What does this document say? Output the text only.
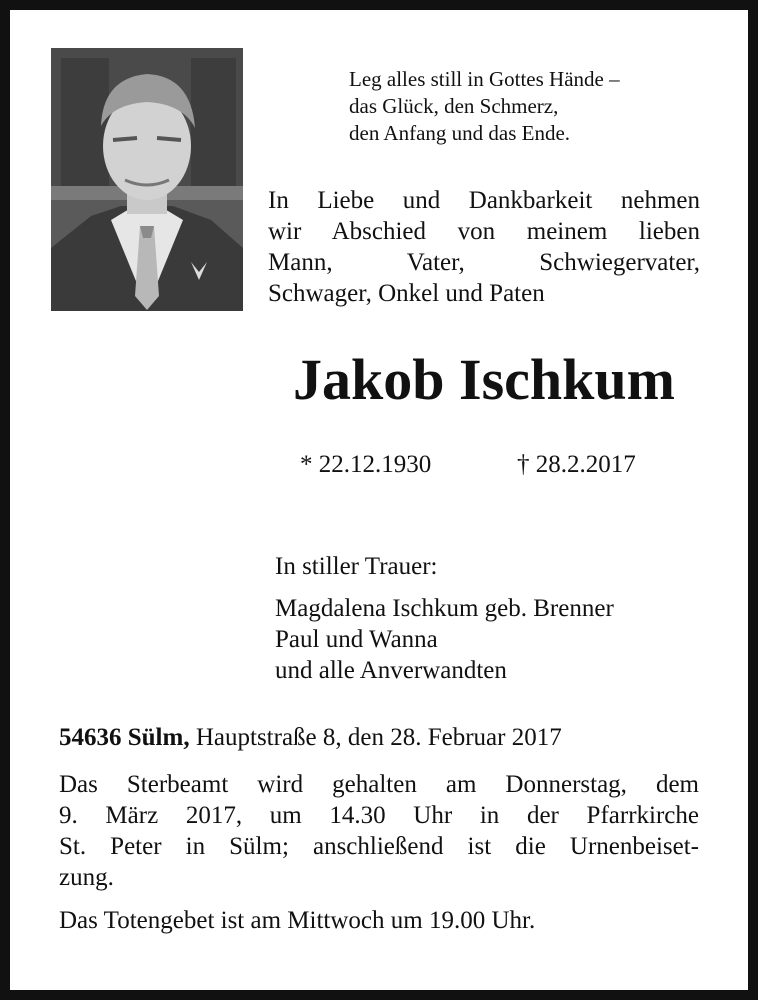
Leg alles still in Gottes Hände –
das Glück, den Schmerz,
den Anfang und das Ende.
In Liebe und Dankbarkeit nehmen
wir Abschied von meinem lieben
Mann, Vater, Schwiegervater,
Schwager, Onkel und Paten
Jakob Ischkum
* 22.12.1930	† 28.2.2017
In stiller Trauer:
Magdalena Ischkum geb. Brenner
Paul und Wanna
und alle Anverwandten
54636 Sülm, Hauptstraße 8, den 28. Februar 2017
Das Sterbeamt wird gehalten am Donnerstag, dem
9. März 2017, um 14.30 Uhr in der Pfarrkirche
St. Peter in Sülm; anschließend ist die Urnenbeiset-
zung.
Das Totengebet ist am Mittwoch um 19.00 Uhr.
